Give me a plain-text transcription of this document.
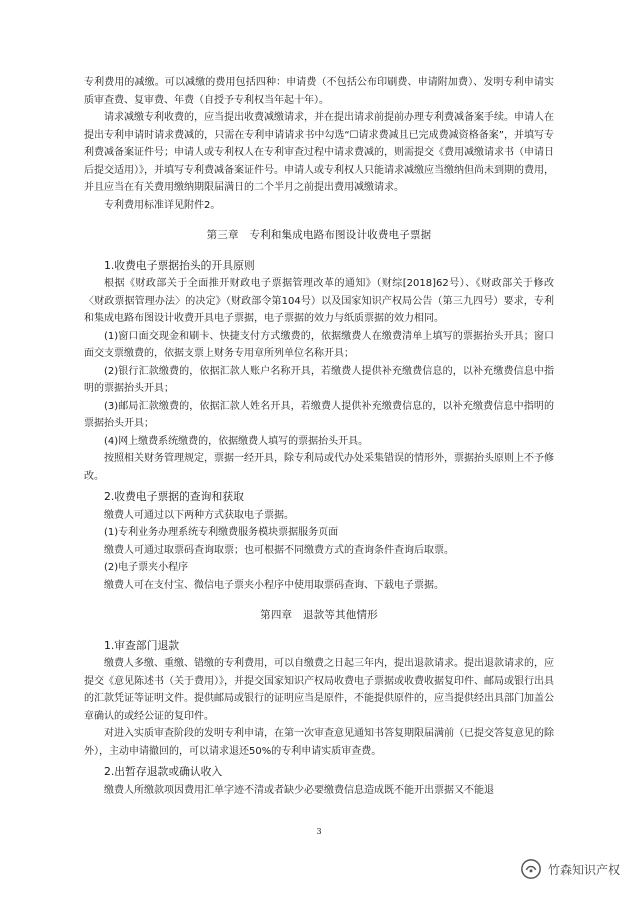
专利费用的减缴。可以减缴的费用包括四种：申请费（不包括公布印刷费、申请附加费）、发明专利申请实质审查费、复审费、年费（自授予专利权当年起十年）。

请求减缴专利收费的，应当提出收费减缴请求，并在提出请求前提前办理专利费减备案手续。申请人在提出专利申请时请求费减的，只需在专利申请请求书中勾选“☐请求费减且已完成费减资格备案”，并填写专利费减备案证件号；申请人或专利权人在专利审查过程中请求费减的，则需提交《费用减缴请求书（申请日后提交适用）》，并填写专利费减备案证件号。申请人或专利权人只能请求减缴应当缴纳但尚未到期的费用，并且应当在有关费用缴纳期限届满日的二个半月之前提出费用减缴请求。

专利费用标准详见附件2。

第三章　专利和集成电路布图设计收费电子票据
1.收费电子票据抬头的开具原则

根据《财政部关于全面推开财政电子票据管理改革的通知》（财综[2018]62号）、《财政部关于修改〈财政票据管理办法〉的决定》（财政部令第104号）以及国家知识产权局公告（第三九四号）要求，专利和集成电路布图设计收费开具电子票据，电子票据的效力与纸质票据的效力相同。

(1)窗口面交现金和刷卡、快捷支付方式缴费的，依据缴费人在缴费清单上填写的票据抬头开具；窗口面交支票缴费的，依据支票上财务专用章所列单位名称开具；

(2)银行汇款缴费的，依据汇款人账户名称开具，若缴费人提供补充缴费信息的，以补充缴费信息中指明的票据抬头开具；

(3)邮局汇款缴费的，依据汇款人姓名开具，若缴费人提供补充缴费信息的，以补充缴费信息中指明的票据抬头开具；

(4)网上缴费系统缴费的，依据缴费人填写的票据抬头开具。

按照相关财务管理规定，票据一经开具，除专利局或代办处采集错误的情形外，票据抬头原则上不予修改。

2.收费电子票据的查询和获取

缴费人可通过以下两种方式获取电子票据。

(1)专利业务办理系统专利缴费服务模块票据服务页面

缴费人可通过取票码查询取票；也可根据不同缴费方式的查询条件查询后取票。

(2)电子票夹小程序

缴费人可在支付宝、微信电子票夹小程序中使用取票码查询、下载电子票据。

第四章　退款等其他情形
1.审查部门退款

缴费人多缴、重缴、错缴的专利费用，可以自缴费之日起三年内，提出退款请求。提出退款请求的，应提交《意见陈述书（关于费用）》，并提交国家知识产权局收费电子票据或收费收据复印件、邮局或银行出具的汇款凭证等证明文件。提供邮局或银行的证明应当是原件，不能提供原件的，应当提供经出具部门加盖公章确认的或经公证的复印件。

对进入实质审查阶段的发明专利申请，在第一次审查意见通知书答复期限届满前（已提交答复意见的除外），主动申请撤回的，可以请求退还50%的专利申请实质审查费。

2.出暂存退款或确认收入

缴费人所缴款项因费用汇单字迹不清或者缺少必要缴费信息造成既不能开出票据又不能退

3
竹森知识产权
